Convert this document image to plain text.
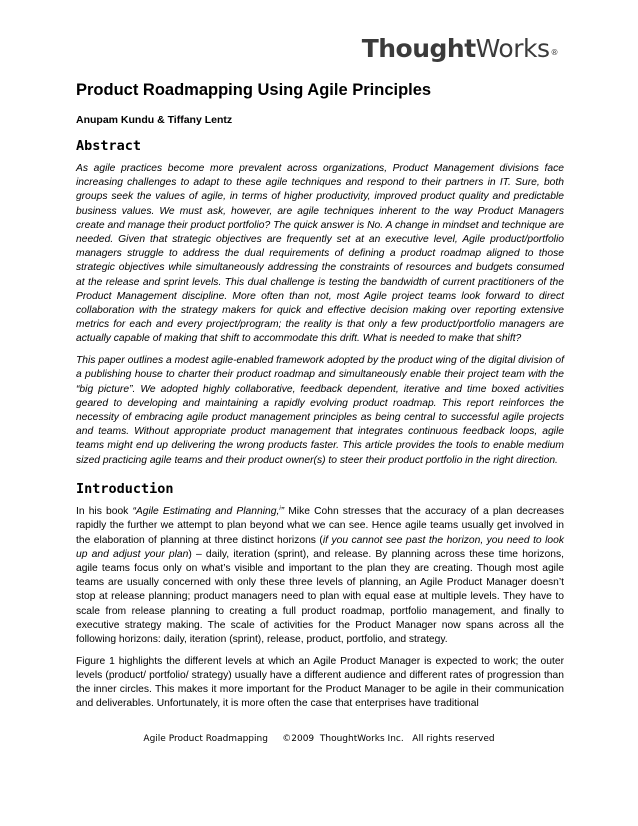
ThoughtWorks®
Product Roadmapping Using Agile Principles
Anupam Kundu & Tiffany Lentz
Abstract

As agile practices become more prevalent across organizations, Product Management divisions face increasing challenges to adapt to these agile techniques and respond to their partners in IT. Sure, both groups seek the values of agile, in terms of higher productivity, improved product quality and predictable business values. We must ask, however, are agile techniques inherent to the way Product Managers create and manage their product portfolio? The quick answer is No. A change in mindset and technique are needed. Given that strategic objectives are frequently set at an executive level, Agile product/portfolio managers struggle to address the dual requirements of defining a product roadmap aligned to those strategic objectives while simultaneously addressing the constraints of resources and budgets consumed at the release and sprint levels. This dual challenge is testing the bandwidth of current practitioners of the Product Management discipline. More often than not, most Agile project teams look forward to direct collaboration with the strategy makers for quick and effective decision making over reporting extensive metrics for each and every project/program; the reality is that only a few product/portfolio managers are actually capable of making that shift to accommodate this drift. What is needed to make that shift?

This paper outlines a modest agile-enabled framework adopted by the product wing of the digital division of a publishing house to charter their product roadmap and simultaneously enable their project team with the “big picture”. We adopted highly collaborative, feedback dependent, iterative and time boxed activities geared to developing and maintaining a rapidly evolving product roadmap. This report reinforces the necessity of embracing agile product management principles as being central to successful agile projects and teams. Without appropriate product management that integrates continuous feedback loops, agile teams might end up delivering the wrong products faster. This article provides the tools to enable medium sized practicing agile teams and their product owner(s) to steer their product portfolio in the right direction.

Introduction

In his book “Agile Estimating and Planning,$^i$” Mike Cohn stresses that the accuracy of a plan decreases rapidly the further we attempt to plan beyond what we can see. Hence agile teams usually get involved in the elaboration of planning at three distinct horizons (if you cannot see past the horizon, you need to look up and adjust your plan) – daily, iteration (sprint), and release. By planning across these time horizons, agile teams focus only on what’s visible and important to the plan they are creating. Though most agile teams are usually concerned with only these three levels of planning, an Agile Product Manager doesn’t stop at release planning; product managers need to plan with equal ease at multiple levels. They have to scale from release planning to creating a full product roadmap, portfolio management, and finally to executive strategy making. The scale of activities for the Product Manager now spans across all the following horizons: daily, iteration (sprint), release, product, portfolio, and strategy.

Figure 1 highlights the different levels at which an Agile Product Manager is expected to work; the outer levels (product/ portfolio/ strategy) usually have a different audience and different rates of progression than the inner circles. This makes it more important for the Product Manager to be agile in their communication and deliverables. Unfortunately, it is more often the case that enterprises have traditional

Agile Product Roadmapping     ©2009  ThoughtWorks Inc.   All rights reserved
